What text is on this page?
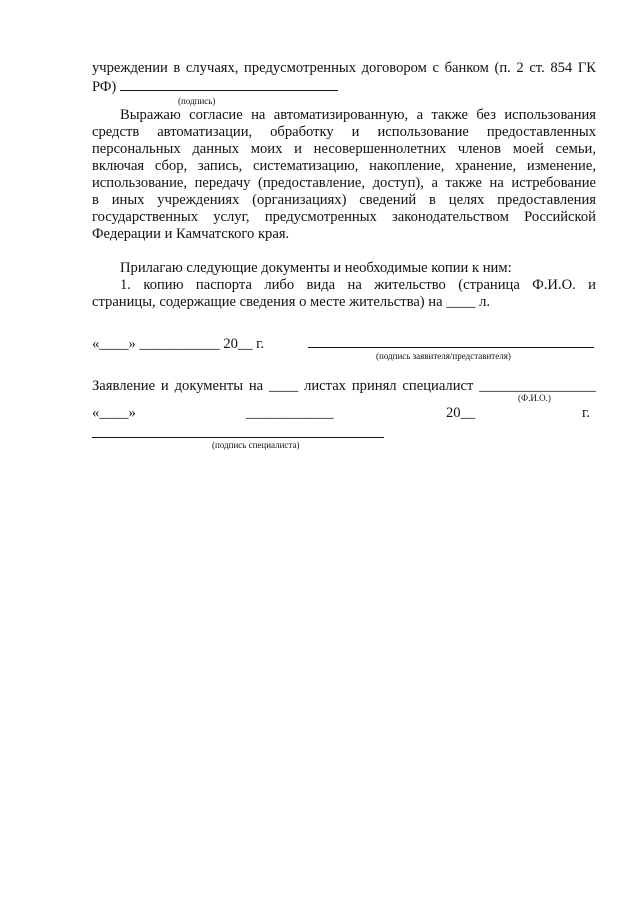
учреждении в случаях, предусмотренных договором с банком (п. 2 ст. 854 ГК
РФ)
(подпись)
Выражаю согласие на автоматизированную, а также без использования
средств автоматизации, обработку и использование предоставленных
персональных данных моих и несовершеннолетних членов моей семьи,
включая сбор, запись, систематизацию, накопление, хранение, изменение,
использование, передачу (предоставление, доступ), а также на истребование
в иных учреждениях (организациях) сведений в целях предоставления
государственных услуг, предусмотренных законодательством Российской
Федерации и Камчатского края.
Прилагаю следующие документы и необходимые копии к ним:
1. копию паспорта либо вида на жительство (страница Ф.И.О. и
страницы, содержащие сведения о месте жительства) на ____ л.
«____» ___________ 20__ г.
(подпись заявителя/представителя)
Заявление и документы на ____ листах принял специалист ________________
(Ф.И.О.)
«____»	____________	20__	г.
(подпись специалиста)
